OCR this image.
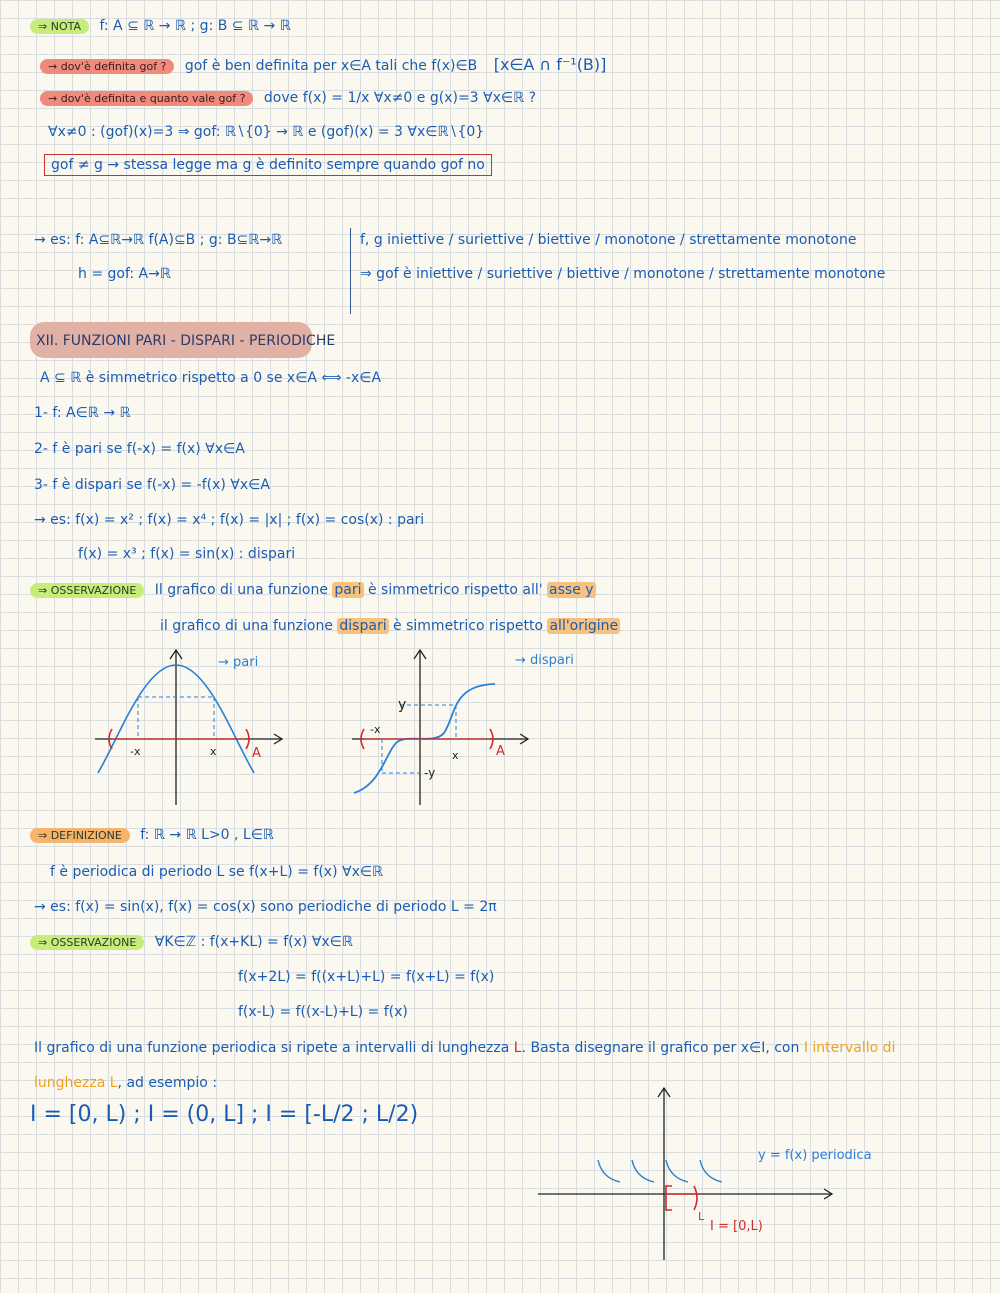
⇒ NOTA f: A ⊆ ℝ → ℝ ; g: B ⊆ ℝ → ℝ
→ dov'è definita gof ? gof è ben definita per x∈A tali che f(x)∈B [x∈A ∩ f⁻¹(B)]
→ dov'è definita e quanto vale gof ? dove f(x) = 1/x ∀x≠0 e g(x)=3 ∀x∈ℝ ?
∀x≠0 : (gof)(x)=3 ⇒ gof: ℝ∖{0} → ℝ e (gof)(x) = 3 ∀x∈ℝ∖{0}
gof ≠ g → stessa legge ma g è definito sempre quando gof no
→ es: f: A⊆ℝ→ℝ f(A)⊆B ; g: B⊆ℝ→ℝ
h = gof: A→ℝ
f, g iniettive / suriettive / biettive / monotone / strettamente monotone
⇒ gof è iniettive / suriettive / biettive / monotone / strettamente monotone
XII. FUNZIONI PARI - DISPARI - PERIODICHE
A ⊆ ℝ è simmetrico rispetto a 0 se x∈A ⟺ -x∈A
1- f: A∈ℝ → ℝ
2- f è pari se f(-x) = f(x) ∀x∈A
3- f è dispari se f(-x) = -f(x) ∀x∈A
→ es: f(x) = x² ; f(x) = x⁴ ; f(x) = |x| ; f(x) = cos(x) : pari
f(x) = x³ ; f(x) = sin(x) : dispari
⇒ OSSERVAZIONE Il grafico di una funzione pari è simmetrico rispetto all' asse y
il grafico di una funzione dispari è simmetrico rispetto all'origine
-x	x	A
→ pari
-x
x
y
-y
A
→ dispari
⇒ DEFINIZIONE f: ℝ → ℝ L>0 , L∈ℝ
f è periodica di periodo L se f(x+L) = f(x) ∀x∈ℝ
→ es: f(x) = sin(x), f(x) = cos(x) sono periodiche di periodo L = 2π
⇒ OSSERVAZIONE ∀K∈ℤ : f(x+KL) = f(x) ∀x∈ℝ
f(x+2L) = f((x+L)+L) = f(x+L) = f(x)
f(x-L) = f((x-L)+L) = f(x)
Il grafico di una funzione periodica si ripete a intervalli di lunghezza L. Basta disegnare il grafico per x∈I, con I intervallo di
lunghezza L, ad esempio :
I = [0, L) ; I = (0, L] ; I = [-L/2 ; L/2)
L
I = [0,L)
y = f(x) periodica
